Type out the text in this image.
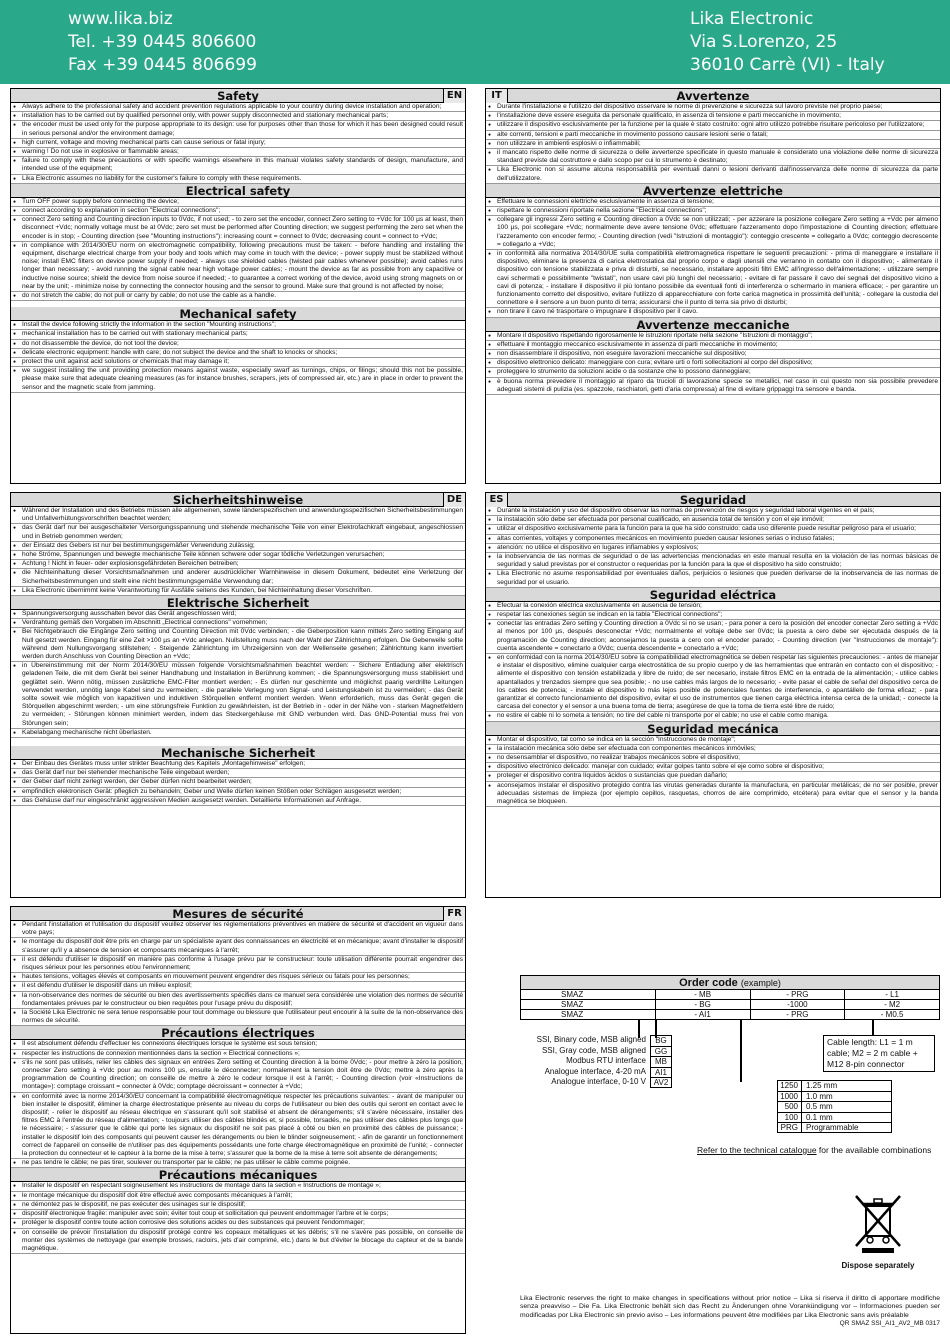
www.lika.biz
Tel. +39 0445 806600
Fax +39 0445 806699
Lika Electronic
Via S.Lorenzo, 25
36010 Carrè (VI) - Italy
Safety	EN
● Always adhere to the professional safety and accident prevention regulations applicable to your country during device installation and operation;
● installation has to be carried out by qualified personnel only, with power supply disconnected and stationary mechanical parts;
● the encoder must be used only for the purpose appropriate to its design: use for purposes other than those for which it has been designed could result in serious personal and/or the environment damage;
● high current, voltage and moving mechanical parts can cause serious or fatal injury;
● warning ! Do not use in explosive or flammable areas;
● failure to comply with these precautions or with specific warnings elsewhere in this manual violates safety standards of design, manufacture, and intended use of the equipment;
● Lika Electronic assumes no liability for the customer's failure to comply with these requirements.
Electrical safety
● Turn OFF power supply before connecting the device;
● connect according to explanation in section "Electrical connections";
● connect Zero setting and Counting direction inputs to 0Vdc, if not used; - to zero set the encoder, connect Zero setting to +Vdc for 100 µs at least, then disconnect +Vdc; normally voltage must be at 0Vdc; zero set must be performed after Counting direction; we suggest performing the zero set when the encoder is in stop; - Counting direction (see "Mounting instructions"): increasing count = connect to 0Vdc; decreasing count = connect to +Vdc;
● in compliance with 2014/30/EU norm on electromagnetic compatibility, following precautions must be taken: - before handling and installing the equipment, discharge electrical charge from your body and tools which may come in touch with the device; - power supply must be stabilized without noise; install EMC filters on device power supply if needed; - always use shielded cables (twisted pair cables whenever possible); avoid cables runs longer than necessary; - avoid running the signal cable near high voltage power cables; - mount the device as far as possible from any capacitive or inductive noise source; shield the device from noise source if needed; - to guarantee a correct working of the device, avoid using strong magnets on or near by the unit; - minimize noise by connecting the connector housing and the sensor to ground. Make sure that ground is not affected by noise;
● do not stretch the cable; do not pull or carry by cable; do not use the cable as a handle.
Mechanical safety
● Install the device following strictly the information in the section "Mounting instructions";
● mechanical installation has to be carried out with stationary mechanical parts;
● do not disassemble the device, do not tool the device;
● delicate electronic equipment: handle with care; do not subject the device and the shaft to knocks or shocks;
● protect the unit against acid solutions or chemicals that may damage it;
● we suggest installing the unit providing protection means against waste, especially swarf as turnings, chips, or filings; should this not be possible, please make sure that adequate cleaning measures (as for instance brushes, scrapers, jets of compressed air, etc.) are in place in order to prevent the sensor and the magnetic scale from jamming.
IT	Avvertenze
● Durante l'installazione e l'utilizzo del dispositivo osservare le norme di prevenzione e sicurezza sul lavoro previste nel proprio paese;
● l'installazione deve essere eseguita da personale qualificato, in assenza di tensione e parti meccaniche in movimento;
● utilizzare il dispositivo esclusivamente per la funzione per la quale è stato costruito: ogni altro utilizzo potrebbe risultare pericoloso per l'utilizzatore;
● alte correnti, tensioni e parti meccaniche in movimento possono causare lesioni serie o fatali;
● non utilizzare in ambienti esplosivi o infiammabili;
● il mancato rispetto delle norme di sicurezza o delle avvertenze specificate in questo manuale è considerato una violazione delle norme di sicurezza standard previste dal costruttore e dallo scopo per cui lo strumento è destinato;
● Lika Electronic non si assume alcuna responsabilità per eventuali danni o lesioni derivanti dall'inosservanza delle norme di sicurezza da parte dell'utilizzatore.
Avvertenze elettriche
● Effettuare le connessioni elettriche esclusivamente in assenza di tensione;
● rispettare le connessioni riportate nella sezione "Electrical connections";
● collegare gli ingressi Zero setting e Counting direction a 0Vdc se non utilizzati; - per azzerare la posizione collegare Zero setting a +Vdc per almeno 100 µs, poi scollegare +Vdc; normalmente deve avere tensione 0Vdc; effettuare l'azzeramento dopo l'impostazione di Counting direction; effettuare l'azzeramento con encoder fermo; - Counting direction (vedi "Istruzioni di montaggio"): conteggio crescente = collegarlo a 0Vdc; conteggio decrescente = collegarlo a +Vdc;
● in conformità alla normativa 2014/30/UE sulla compatibilità elettromagnetica rispettare le seguenti precauzioni: - prima di maneggiare e installare il dispositivo, eliminare la presenza di carica elettrostatica dal proprio corpo e dagli utensili che verranno in contatto con il dispositivo; - alimentare il dispositivo con tensione stabilizzata e priva di disturbi, se necessario, installare appositi filtri EMC all'ingresso dell'alimentazione; - utilizzare sempre cavi schermati e possibilmente "twistati", non usare cavi più lunghi del necessario; - evitare di far passare il cavo dei segnali del dispositivo vicino a cavi di potenza; - installare il dispositivo il più lontano possibile da eventuali fonti di interferenza o schermarlo in maniera efficace; - per garantire un funzionamento corretto del dispositivo, evitare l'utilizzo di apparecchiature con forte carica magnetica in prossimità dell'unità; - collegare la custodia del connettore e il sensore a un buon punto di terra; assicurarsi che il punto di terra sia privo di disturbi;
● non tirare il cavo né trasportare o impugnare il dispositivo per il cavo.
Avvertenze meccaniche
● Montare il dispositivo rispettando rigorosamente le istruzioni riportate nella sezione "Istruzioni di montaggio";
● effettuare il montaggio meccanico esclusivamente in assenza di parti meccaniche in movimento;
● non disassemblare il dispositivo, non eseguire lavorazioni meccaniche sul dispositivo;
● dispositivo elettronico delicato: maneggiare con cura; evitare urti o forti sollecitazioni al corpo del dispositivo;
● proteggere lo strumento da soluzioni acide o da sostanze che lo possono danneggiare;
● è buona norma prevedere il montaggio al riparo da trucioli di lavorazione specie se metallici, nel caso in cui questo non sia possibile prevedere adeguati sistemi di pulizia (es. spazzole, raschiatori, getti d'aria compressa) al fine di evitare grippaggi tra sensore e banda.
Sicherheitshinweise	DE
● Während der Installation und des Betriebs müssen alle allgemeinen, sowie länderspezifischen und anwendungsspezifischen Sicherheitsbestimmungen und Unfallverhütungsvorschriften beachtet werden;
● das Gerät darf nur bei ausgeschalteter Versorgungsspannung und stehende mechanische Teile von einer Elektrofachkraft eingebaut, angeschlossen und in Betrieb genommen werden;
● der Einsatz des Gebers ist nur bei bestimmungsgemäßer Verwendung zulässig;
● hohe Ströme, Spannungen und bewegte mechanische Teile können schwere oder sogar tödliche Verletzungen verursachen;
● Achtung ! Nicht in feuer- oder explosionsgefährdeten Bereichen betreiben;
● die Nichteinhaltung dieser Vorsichtsmaßnahmen und anderer ausdrücklicher Warnhinweise in diesem Dokument, bedeutet eine Verletzung der Sicherheitsbestimmungen und stellt eine nicht bestimmungsgemäße Verwendung dar;
● Lika Electronic übernimmt keine Verantwortung für Ausfälle seitens des Kunden, bei Nichteinhaltung dieser Vorschriften.
Elektrische Sicherheit
● Spannungsversorgung ausschalten bevor das Gerät angeschlossen wird;
● Verdrahtung gemäß den Vorgaben im Abschnitt „Electrical connections" vornehmen;
● Bei Nichtgebrauch die Eingänge Zero setting und Counting Direction mit 0Vdc verbinden; - die Geberposition kann mittels Zero setting Eingang auf Null gesetzt werden. Eingang für eine Zeit >100 µs an +Vdc anlegen. Nullstellung muss nach der Wahl der Zählrichtung erfolgen. Die Geberwelle sollte während dem Nullungsvorgang stillstehen; - Steigende Zählrichtung im Uhrzeigersinn von der Wellenseite gesehen; Zählrichtung kann invertiert werden durch Anschluss von Counting Direction an +Vdc;
● in Übereinstimmung mit der Norm 2014/30/EU müssen folgende Vorsichtsmaßnahmen beachtet werden: - Sichere Entladung aller elektrisch geladenen Teile, die mit dem Gerät bei seiner Handhabung und Installation in Berührung kommen; - die Spannungsversorgung muss stabilisiert und geglättet sein. Wenn nötig, müssen zusätzliche EMC-Filter montiert werden; - Es dürfen nur geschirmte und möglichst paarig verdrillte Leitungen verwendet werden, unnötig lange Kabel sind zu vermeiden; - die parallele Verlegung von Signal- und Leistungskabeln ist zu vermeiden; - das Gerät sollte soweit wie möglich von kapazitiven und induktiven Störquellen entfernt montiert werden. Wenn erforderlich, muss das Gerät gegen die Störquellen abgeschirmt werden; - um eine störungsfreie Funktion zu gewährleisten, ist der Betrieb in - oder in der Nähe von - starken Magnetfeldern zu vermeiden; - Störungen können minimiert werden, indem das Steckergehäuse mit GND verbunden wird. Das GND-Potential muss frei von Störungen sein;
● Kabelabgang mechanische nicht überlasten.
Mechanische Sicherheit
● Der Einbau des Gerätes muss unter strikter Beachtung des Kapitels „Montagehinweise" erfolgen;
● das Gerät darf nur bei stehender mechanische Teile eingebaut werden;
● der Geber darf nicht zerlegt werden, der Geber dürfen nicht bearbeitet werden;
● empfindlich elektronisch Gerät: pfleglich zu behandeln; Geber und Welle dürfen keinen Stößen oder Schlägen ausgesetzt werden;
● das Gehäuse darf nur eingeschränkt aggressiven Medien ausgesetzt werden. Detaillierte Informationen auf Anfrage.
ES	Seguridad
● Durante la instalación y uso del dispositivo observar las normas de prevención de riesgos y seguridad laboral vigentes en el país;
● la instalación sólo debe ser efectuada por personal cualificado, en ausencia total de tensión y con el eje inmóvil;
● utilizar el dispositivo exclusivamente para la función para la que ha sido construido: cada uso diferente puede resultar peligroso para el usuario;
● altas corrientes, voltajes y componentes mecánicos en movimiento pueden causar lesiones serias o incluso fatales;
● atención: no utilice el dispositivo en lugares inflamables y explosivos;
● la inobservancia de las normas de seguridad o de las advertencias mencionadas en este manual resulta en la violación de las normas básicas de seguridad y salud previstas por el constructor o requeridas por la función para la que el dispositivo ha sido construido;
● Lika Electronic no asume responsabilidad por eventuales daños, perjuicios o lesiones que pueden derivarse de la inobservancia de las normas de seguridad por el usuario.
Seguridad eléctrica
● Efectuar la conexión eléctrica exclusivamente en ausencia de tensión;
● respetar las conexiones según se indican en la tabla "Electrical connections";
● conectar las entradas Zero setting y Counting direction a 0Vdc si no se usan; - para poner a cero la posición del encoder conectar Zero setting a +Vdc al menos por 100 µs, después desconectar +Vdc; normalmente el voltaje debe ser 0Vdc; la puesta a cero debe ser ejecutada después de la programación de Counting direction; aconsejamos la puesta a cero con el encoder parado; - Counting direction (ver "Instrucciones de montaje"): cuenta ascendente = conectarlo a 0Vdc; cuenta descendente = conectarlo a +Vdc;
● en conformidad con la norma 2014/30/EU sobre la compatibilidad electromagnética se deben respetar las siguientes precauciones: - antes de manejar e instalar el dispositivo, elimine cualquier carga electrostática de su propio cuerpo y de las herramientas que entrarán en contacto con el dispositivo; - alimente el dispositivo con tensión estabilizada y libre de ruido; de ser necesario, instale filtros EMC en la entrada de la alimentación; - utilice cables apantallados y trenzados siempre que sea posible; - no use cables más largos de lo necesario; - evite pasar el cable de señal del dispositivo cerca de los cables de potencia; - instale el dispositivo lo más lejos posible de potenciales fuentes de interferencia, o apantállelo de forma eficaz; - para garantizar el correcto funcionamiento del dispositivo, evitar el uso de instrumentos que tienen carga eléctrica intensa cerca de la unidad; - conecte la carcasa del conector y el sensor a una buena toma de tierra; asegúrese de que la toma de tierra esté libre de ruido;
● no estire el cable ni lo someta a tensión; no tire del cable ni transporte por el cable; no use el cable como maniga.
Seguridad mecánica
● Montar el dispositivo, tal como se indica en la sección "Instrucciones de montaje";
● la instalación mecánica sólo debe ser efectuada con componentes mecánicos inmóviles;
● no desensamblar el dispositivo, no realizar trabajos mecánicos sobre el dispositivo;
● dispositivo electrónico delicado: manejar con cuidado; evitar golpes tanto sobre el eje como sobre el dispositivo;
● proteger el dispositivo contra líquidos ácidos o sustancias que puedan dañarlo;
● aconsejamos instalar el dispositivo protegido contra las virutas generadas durante la manufactura, en particular metálicas; de no ser posible, prever adecuadas sistemas de limpieza (por ejemplo cepillos, rasquetas, chorros de aire comprimido, etcétera) para evitar que el sensor y la banda magnética se bloqueen.
Mesures de sécurité	FR
● Pendant l'installation et l'utilisation du dispositif veuillez observer les réglementations préventives en matière de sécurité et d'accident en vigueur dans votre pays;
● le montage du dispositif doit être pris en charge par un spécialiste ayant des connaissances en électricité et en mécanique; avant d'installer le dispositif s'assurer qu'il y a absence de tension et composants mécaniques à l'arrêt;
● il est défendu d'utiliser le dispositif en manière pas conforme à l'usage prévu par le constructeur: toute utilisation différente pourrait engendrer des risques sérieux pour les personnes et/ou l'environnement;
● hautes tensions, voltages élevés et composants en mouvement peuvent engendrer des risques sérieux ou fatals pour les personnes;
● il est défendu d'utiliser le dispositif dans un milieu explosif;
● la non-observance des normes de sécurité ou bien des avertissements spécifiés dans ce manuel sera considérée une violation des normes de sécurité fondamentales prévues par le constructeur ou bien requêtes pour l'usage prévu du dispositif;
● la Société Lika Electronic ne sera tenue responsable pour tout dommage ou blessure que l'utilisateur peut encourir à la suite de la non-observance des normes de sécurité.
Précautions électriques
● Il est absolument défendu d'effectuer les connexions électriques lorsque le système est sous tension;
● respecter les instructions de connexion mentionnées dans la section « Electrical connections »;
● s'ils ne sont pas utilisés, relier les câbles des signaux en entrées Zero setting et Counting direction à la borne 0Vdc; - pour mettre à zéro la position, connecter Zero setting à +Vdc pour au moins 100 µs, ensuite le déconnecter; normalement la tension doit être de 0Vdc; mettre à zéro après la programmation de Counting direction; on conseille de mettre à zéro le codeur lorsque il est à l'arrêt; - Counting direction (voir «Instructions de montage»): comptage croissant = connecter à 0Vdc; comptage décroissant = connecter à +Vdc;
● en conformité avec la norme 2014/30/EU concernant la compatibilité électromagnétique respecter les précautions suivantes: - avant de manipuler ou bien installer le dispositif, éliminer la charge électrostatique présente au niveau du corps de l'utilisateur ou bien des outils qui seront en contact avec le dispositif; - relier le dispositif au réseau électrique en s'assurant qu'il soit stabilisé et absent de dérangements; s'il s'avère nécessaire, installer des filtres EMC à l'entrée du réseau d'alimentation; - toujours utiliser des câbles blindés et, si possible, torsadés, ne pas utiliser des câbles plus longs que le nécessaire; - s'assurer que le câble qui porte les signaux du dispositif ne soit pas placé à côté ou bien en proximité des câbles de puissance; - installer le dispositif loin des composants qui peuvent causer les dérangements ou bien le blinder soigneusement; - afin de garantir un fonctionnement correct de l'appareil on conseille de n'utiliser pas des équipements possédants une forte charge électromagnétique en proximité de l'unité; - connecter la protection du connecteur et le capteur à la borne de la mise à terre; s'assurer que la borne de la mise à terre soit absente de dérangements;
● ne pas tendre le câble; ne pas tirer, soulever ou transporter par le câble; ne pas utiliser le câble comme poignée.
Précautions mécaniques
● Installer le dispositif en respectant soigneusement les instructions de montage dans la section « Instructions de montage »;
● le montage mécanique du dispositif doit être effectué avec composants mécaniques à l'arrêt;
● ne démontez pas le dispositif, ne pas exécuter des usinages sur le dispositif;
● dispositif électronique fragile: manipuler avec soin; éviter tout coup et sollicitation qui peuvent endommager l'arbre et le corps;
● protéger le dispositif contre toute action corrosive des solutions acides ou des substances qui peuvent l'endommager;
● on conseille de prévoir l'installation du dispositif protégé contre les copeaux métalliques et les débris; s'il ne s'avère pas possible, on conseille de monter des systèmes de nettoyage (par exemple brosses, racloirs, jets d'air comprimé, etc.) dans le but d'éviter le blocage du capteur et de la bande magnétique.
Order code (example)
SMAZ	- MB	- PRG	- L1
SMAZ	- BG	-1000	- M2
SMAZ	- AI1	- PRG	- M0.5
SSI, Binary code, MSB aligned	BG
SSI, Gray code, MSB aligned	GG
Modbus RTU interface	MB
Analogue interface, 4-20 mA	AI1
Analogue interface, 0-10 V AV2
Cable length: L1 = 1 m cable; M2 = 2 m cable + M12 8-pin connector
1250	1.25 mm
1000	1.0 mm
500	0.5 mm
100	0.1 mm
PRG	Programmable
Refer to the technical catalogue for the available combinations
Dispose separately
Lika Electronic reserves the right to make changes in specifications without prior notice – Lika si riserva il diritto di apportare modifiche senza preavviso – Die Fa. Lika Electronic behält sich das Recht zu Änderungen ohne Vorankündigung vor – Informaciones pueden ser modificadas por Lika Electronic sin previo aviso – Les informations peuvent être modifiées par Lika Electronic sans avis préalable
QR SMAZ SSI_AI1_AV2_MB 0317
